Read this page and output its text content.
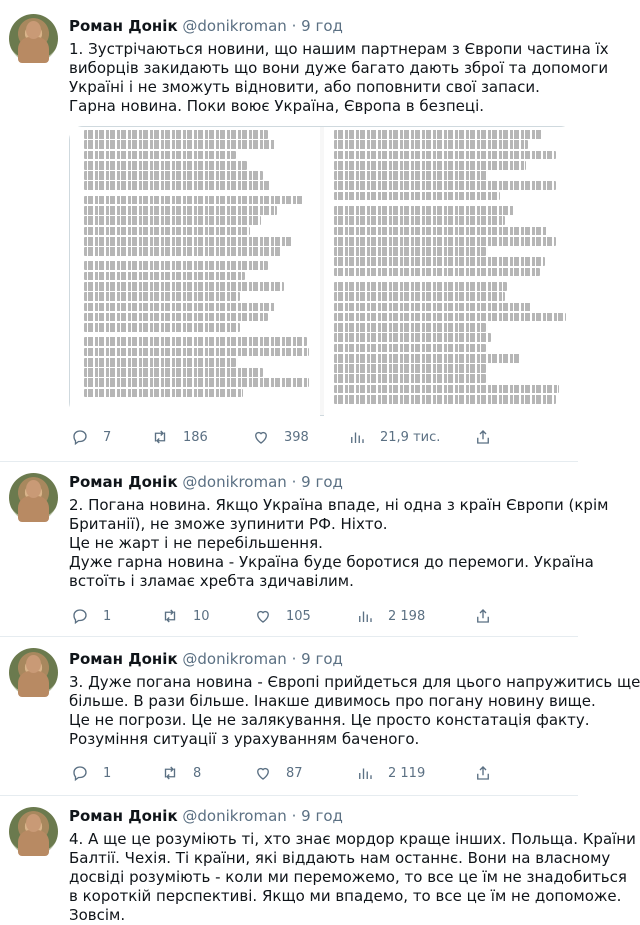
Роман Донік @donikroman · 9 год

1. Зустрічаються новини, що нашим партнерам з Європи частина їх

виборців закидають що вони дуже багато дають зброї та допомоги

Україні і не зможуть відновити, або поповнити свої запаси.

Гарна новина. Поки воює Україна, Європа в безпеці.

7	186	398	21,9 тис.
Роман Донік @donikroman · 9 год

2. Погана новина. Якщо Україна впаде, ні одна з країн Європи (крім

Британії), не зможе зупинити РФ. Ніхто.

Це не жарт і не перебільшення.

Дуже гарна новина - Україна буде боротися до перемоги. Україна

встоїть і зламає хребта здичавілим.

1	10	105	2 198
Роман Донік @donikroman · 9 год

3. Дуже погана новина - Європі прийдеться для цього напружитись ще

більше. В рази більше. Інакше дивимось про погану новину вище.

Це не погрози. Це не залякування. Це просто констатація факту.

Розуміння ситуації з урахуванням баченого.

1	8	87	2 119
Роман Донік @donikroman · 9 год

4. А ще це розуміють ті, хто знає мордор краще інших. Польща. Країни

Балтії. Чехія. Ті країни, які віддають нам останнє. Вони на власному

досвіді розуміють - коли ми переможемо, то все це їм не знадобиться

в короткій перспективі. Якщо ми впадемо, то все це їм не допоможе.

Зовсім.
